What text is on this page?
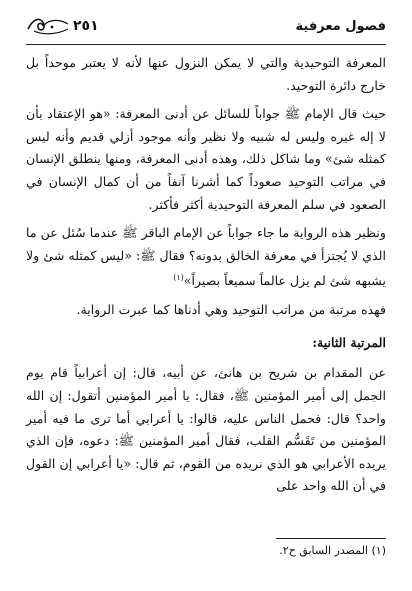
٢٥١	فصول معرفية

المعرفة التوحيدية والتي لا يمكن النزول عنها لأنه لا يعتبر موحداً بل خارج دائرة التوحيد.

حيث قال الإمام ﷺ جواباً للسائل عن أدنى المعرفة: «هو الإعتقاد بأن لا إله غيره وليس له شبيه ولا نظير وأنه موجود أزلي قديم وأنه ليس كمثله شئ» وما شاكل ذلك، وهذه أدنى المعرفة، ومنها ينطلق الإنسان في مراتب التوحيد صعوداً كما أشرنا آنفاً من أن كمال الإنسان في الصعود في سلم المعرفة التوحيدية أكثر فأكثر.

ونظير هذه الرواية ما جاء جواباً عن الإمام الباقر ﷺ عندما سُئل عن ما الذي لا يُجتزأ في معرفة الخالق بدونه؟ فقال ﷺ: «ليس كمثله شئ ولا يشبهه شئ لم يزل عالماً سميعاً بصيراً»$^{(١)}$

فهذه مرتبة من مراتب التوحيد وهي أدناها كما عبرت الرواية.

المرتبة الثانية:

عن المقدام بن شريح بن هانئ، عن أبيه، قال: إن أعرابياً قام يوم الجمل إلى أمير المؤمنين ﷺ، فقال: يا أمير المؤمنين أتقول: إن الله واحد؟ قال: فحمل الناس عليه، قالوا: يا أعرابي أما ترى ما فيه أمير المؤمنين من تَقَسُّم القلب، فقال أمير المؤمنين ﷺ: دعوه، فإن الذي يريده الأعرابي هو الذي نريده من القوم، ثم قال: «يا أعرابي إن القول في أن الله واحد على

(١) المصدر السابق ح٢.
